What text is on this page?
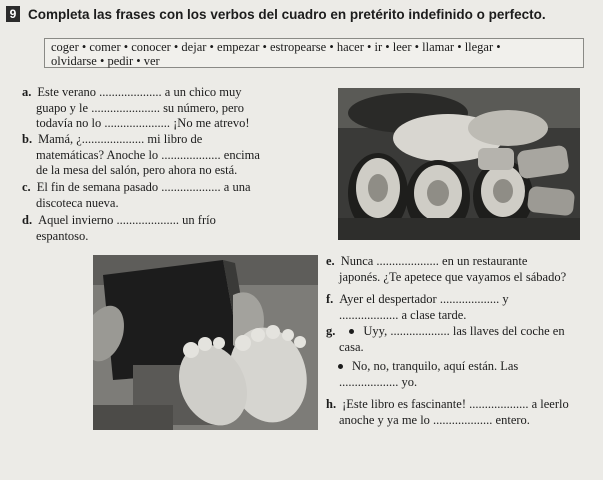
9 Completa las frases con los verbos del cuadro en pretérito indefinido o perfecto.
coger • comer • conocer • dejar • empezar • estropearse • hacer • ir • leer • llamar • llegar •
olvidarse • pedir • ver
a. Este verano .................... a un chico muy
guapo y le ...................... su número, pero
todavía no lo ..................... ¡No me atrevo!
b. Mamá, ¿.................... mi libro de
matemáticas? Anoche lo ................... encima
de la mesa del salón, pero ahora no está.
c. El fin de semana pasado ................... a una
discoteca nueva.
d. Aquel invierno .................... un frío
espantoso.
e. Nunca .................... en un restaurante
japonés. ¿Te apetece que vayamos el sábado?
f. Ayer el despertador ................... y
................... a clase tarde.
g. Uyy, ................... las llaves del coche en
casa.
No, no, tranquilo, aquí están. Las
................... yo.
h. ¡Este libro es fascinante! ................... a leerlo
anoche y ya me lo ................... entero.
